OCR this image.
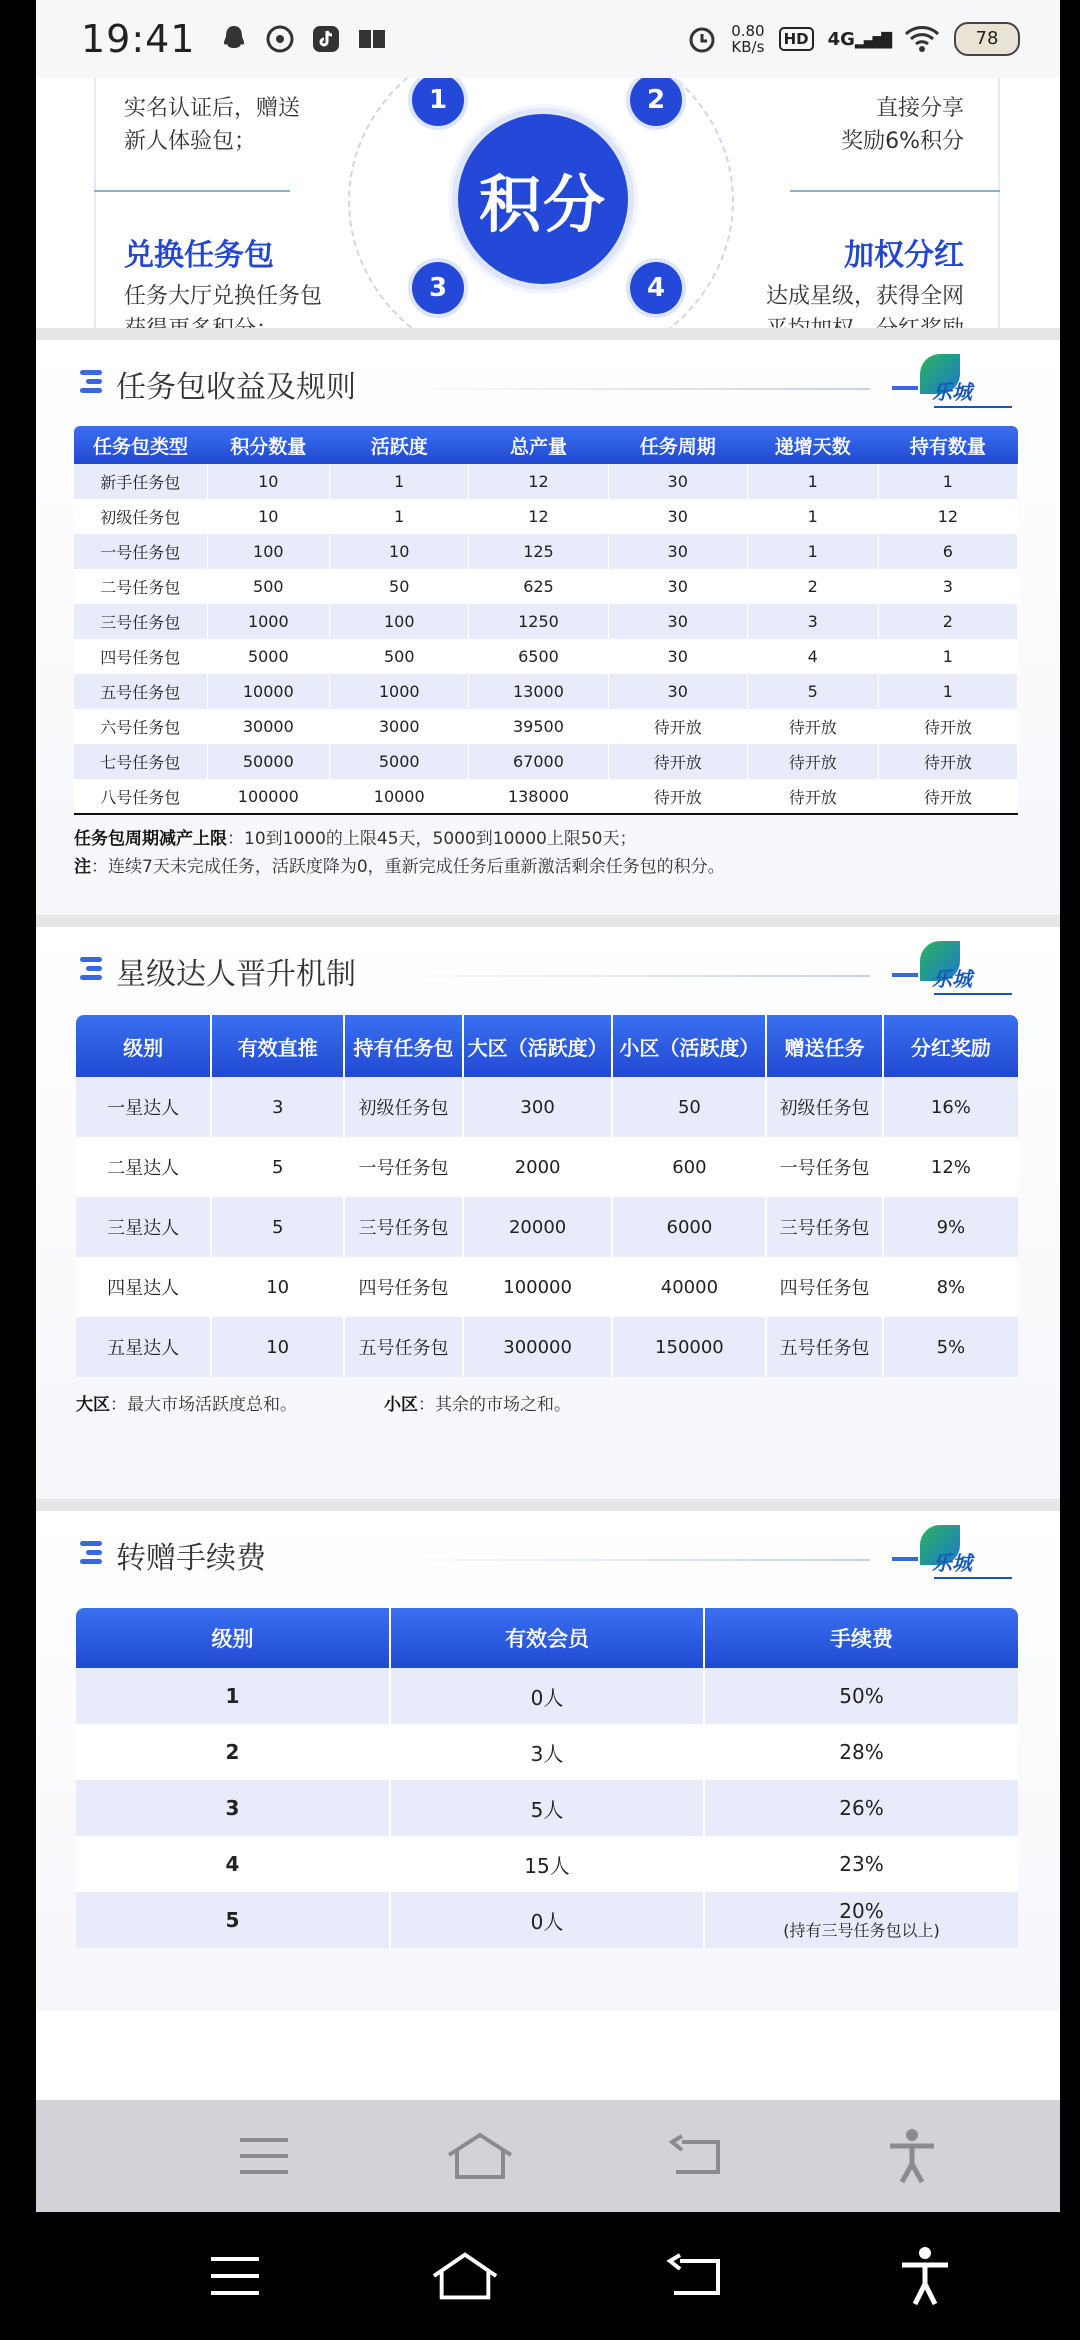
19:41	0.80
KB/s	HD 4G▂▄▆█	78
实名认证后，赠送
新人体验包；
直接分享
奖励6%积分
兑换任务包
任务大厅兑换任务包
加权分红
达成星级，获得全网
积分
1	2
3	4
任务包收益及规则	乐城
任务包类型	积分数量	活跃度	总产量	任务周期	递增天数	持有数量
新手任务包	10	1	12	30	1	1
初级任务包	10	1	12	30	1	12
一号任务包	100	10	125	30	1	6
二号任务包	500	50	625	30	2	3
三号任务包	1000	100	1250	30	3	2
四号任务包	5000	500	6500	30	4	1
五号任务包	10000	1000	13000	30	5	1
六号任务包	30000	3000	39500	待开放	待开放	待开放
七号任务包	50000	5000	67000	待开放	待开放	待开放
八号任务包	100000	10000	138000	待开放	待开放	待开放
任务包周期减产上限：10到1000的上限45天，5000到10000上限50天；
注：连续7天未完成任务，活跃度降为0，重新完成任务后重新激活剩余任务包的积分。
星级达人晋升机制	乐城
级别	有效直推	持有任务包	大区（活跃度）	小区（活跃度）	赠送任务	分红奖励
一星达人	3	初级任务包	300	50	初级任务包	16%
二星达人	5	一号任务包	2000	600	一号任务包	12%
三星达人	5	三号任务包	20000	6000	三号任务包	9%
四星达人	10	四号任务包	100000	40000	四号任务包	8%
五星达人	10	五号任务包	300000	150000	五号任务包	5%
大区：最大市场活跃度总和。	小区：其余的市场之和。
转赠手续费	乐城
级别	有效会员	手续费
1	0人	50%
2	3人	28%
3	5人	26%
4	15人	23%
5	0人	20%
(持有三号任务包以上)
